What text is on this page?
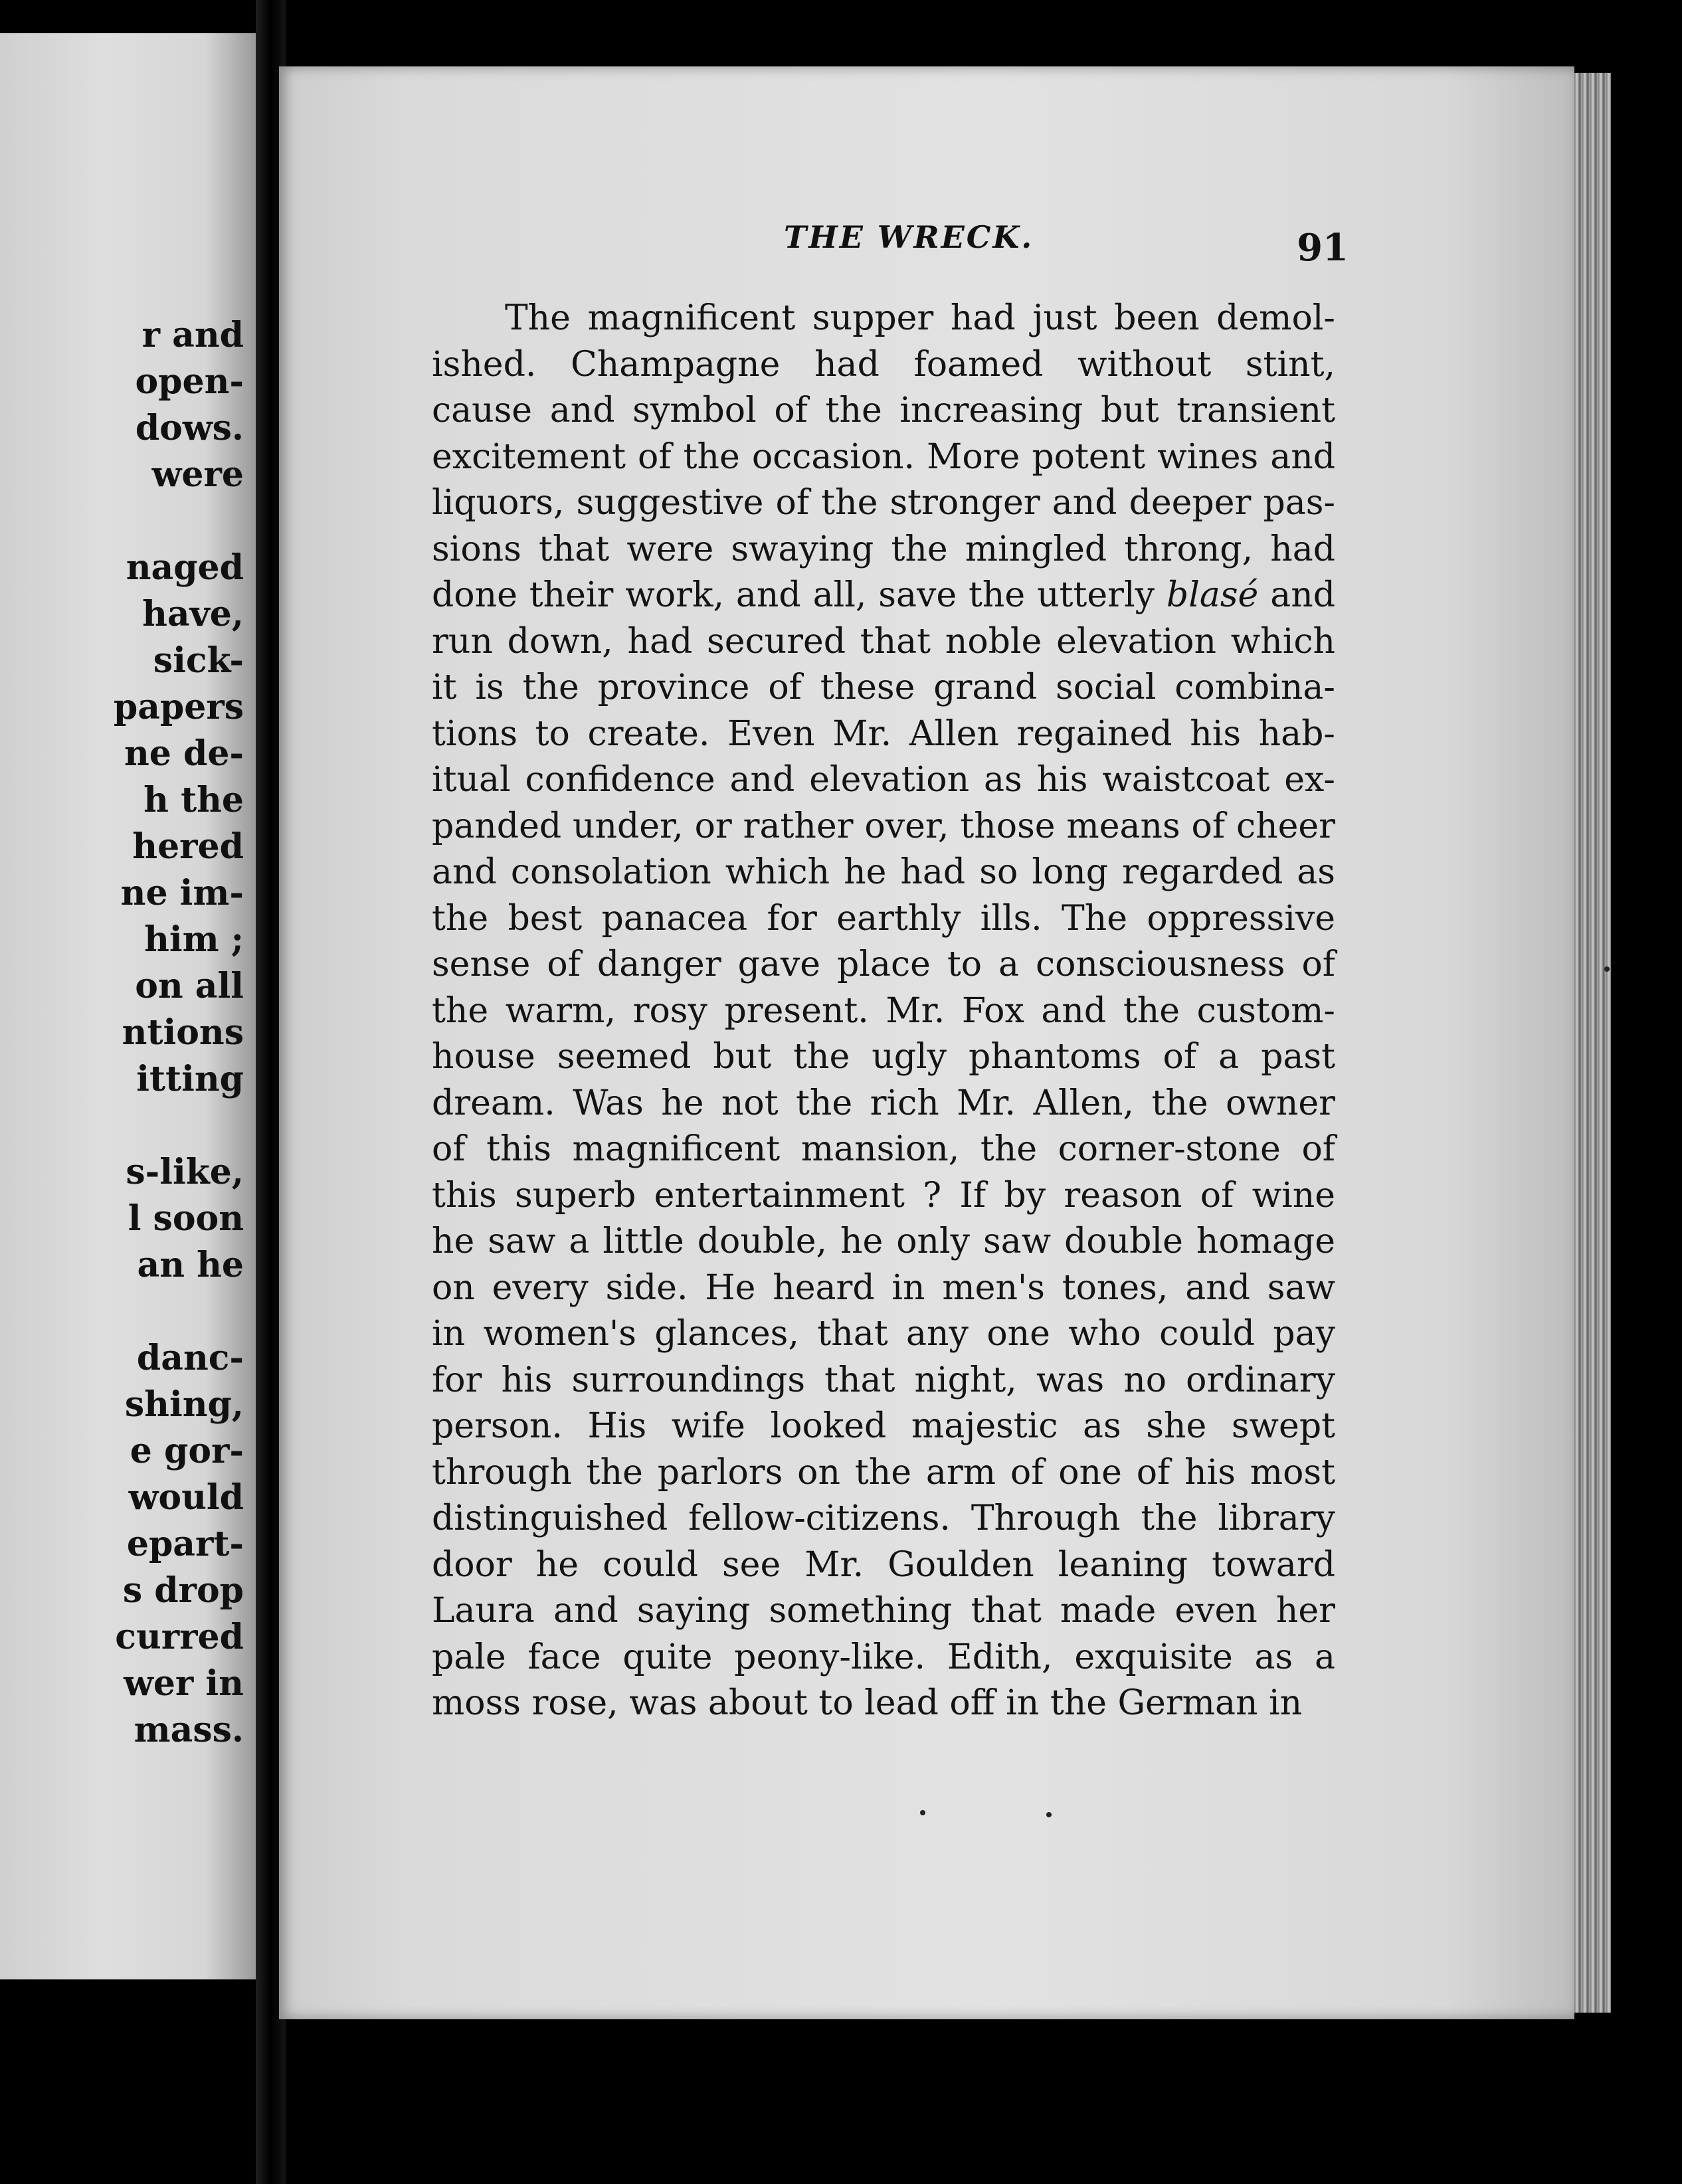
r and
open-
dows.
were
naged
have,
sick-
papers
ne de-
h the
hered
ne im-
him ;
on all
ntions
itting
s-like,
l soon
an he
danc-
shing,
e gor-
would
epart-
s drop
curred
wer in
mass.
THE WRECK.	91
The magnificent supper had just been demol-
ished. Champagne had foamed without stint,
cause and symbol of the increasing but transient
excitement of the occasion. More potent wines and
liquors, suggestive of the stronger and deeper pas-
sions that were swaying the mingled throng, had
done their work, and all, save the utterly blasé and
run down, had secured that noble elevation which
it is the province of these grand social combina-
tions to create. Even Mr. Allen regained his hab-
itual confidence and elevation as his waistcoat ex-
panded under, or rather over, those means of cheer
and consolation which he had so long regarded as
the best panacea for earthly ills. The oppressive
sense of danger gave place to a consciousness of
the warm, rosy present. Mr. Fox and the custom-
house seemed but the ugly phantoms of a past
dream. Was he not the rich Mr. Allen, the owner
of this magnificent mansion, the corner-stone of
this superb entertainment ? If by reason of wine
he saw a little double, he only saw double homage
on every side. He heard in men's tones, and saw
in women's glances, that any one who could pay
for his surroundings that night, was no ordinary
person. His wife looked majestic as she swept
through the parlors on the arm of one of his most
distinguished fellow-citizens. Through the library
door he could see Mr. Goulden leaning toward
Laura and saying something that made even her
pale face quite peony-like. Edith, exquisite as a
moss rose, was about to lead off in the German in
